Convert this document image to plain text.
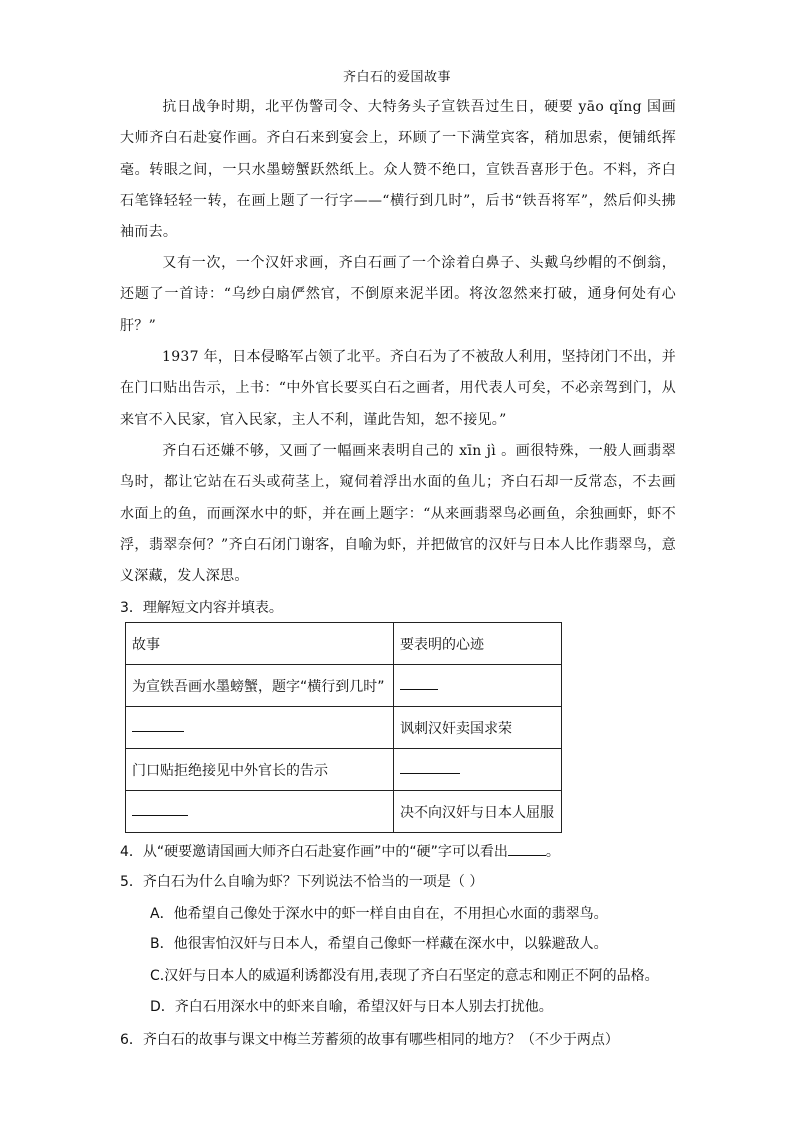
齐白石的爱国故事
抗日战争时期，北平伪警司令、大特务头子宣铁吾过生日，硬要 yāo qǐng 国画大师齐白石赴宴作画。齐白石来到宴会上，环顾了一下满堂宾客，稍加思索，便铺纸挥毫。转眼之间，一只水墨螃蟹跃然纸上。众人赞不绝口，宣铁吾喜形于色。不料，齐白石笔锋轻轻一转，在画上题了一行字——“横行到几时”，后书“铁吾将军”，然后仰头拂袖而去。
又有一次，一个汉奸求画，齐白石画了一个涂着白鼻子、头戴乌纱帽的不倒翁，还题了一首诗：“乌纱白扇俨然官，不倒原来泥半团。将汝忽然来打破，通身何处有心肝？”
1937 年，日本侵略军占领了北平。齐白石为了不被敌人利用，坚持闭门不出，并在门口贴出告示，上书：“中外官长要买白石之画者，用代表人可矣，不必亲驾到门，从来官不入民家，官入民家，主人不利，谨此告知，恕不接见。”
齐白石还嫌不够，又画了一幅画来表明自己的 xīn jì 。画很特殊，一般人画翡翠鸟时，都让它站在石头或荷茎上，窥伺着浮出水面的鱼儿；齐白石却一反常态，不去画水面上的鱼，而画深水中的虾，并在画上题字：“从来画翡翠鸟必画鱼，余独画虾，虾不浮，翡翠奈何？”齐白石闭门谢客，自喻为虾，并把做官的汉奸与日本人比作翡翠鸟，意义深藏，发人深思。
3．理解短文内容并填表。
故事	要表明的心迹
为宣铁吾画水墨螃蟹，题字“横行到几时”	
	讽刺汉奸卖国求荣
门口贴拒绝接见中外官长的告示	
	决不向汉奸与日本人屈服
4．从“硬要邀请国画大师齐白石赴宴作画”中的“硬”字可以看出	。
5．齐白石为什么自喻为虾？下列说法不恰当的一项是（ ）
A．他希望自己像处于深水中的虾一样自由自在，不用担心水面的翡翠鸟。
B．他很害怕汉奸与日本人，希望自己像虾一样藏在深水中，以躲避敌人。
C.汉奸与日本人的威逼利诱都没有用,表现了齐白石坚定的意志和刚正不阿的品格。
D．齐白石用深水中的虾来自喻，希望汉奸与日本人别去打扰他。
6．齐白石的故事与课文中梅兰芳蓄须的故事有哪些相同的地方？（不少于两点）
